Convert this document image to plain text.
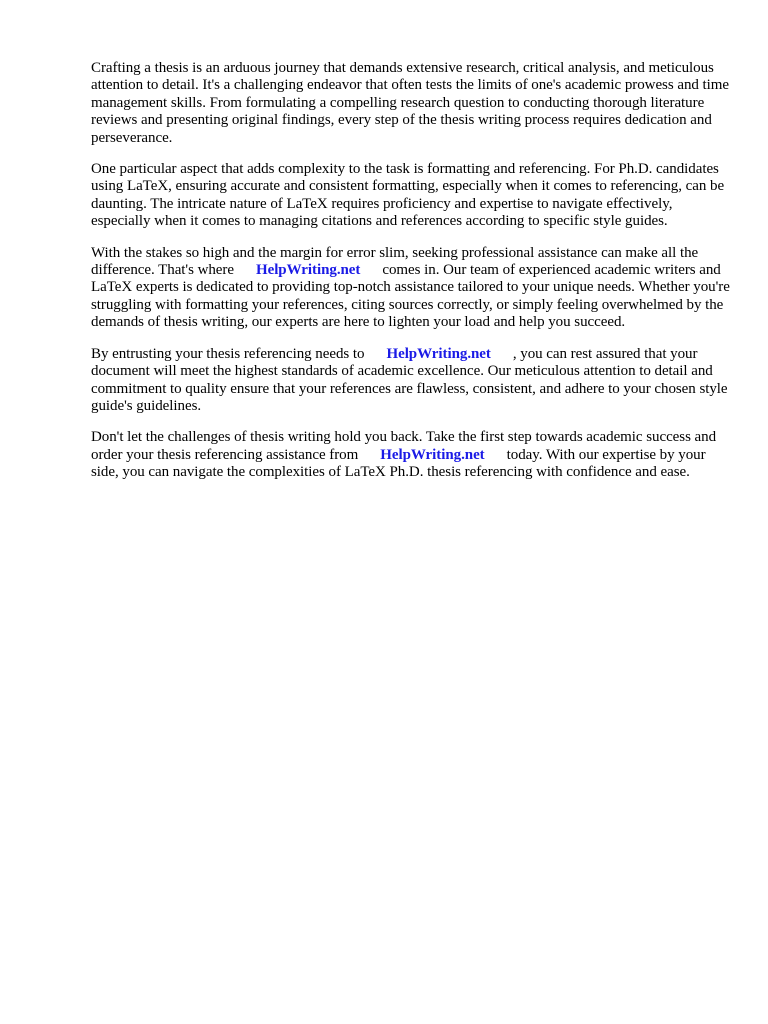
Crafting a thesis is an arduous journey that demands extensive research, critical analysis, and meticulous attention to detail. It's a challenging endeavor that often tests the limits of one's academic prowess and time management skills. From formulating a compelling research question to conducting thorough literature reviews and presenting original findings, every step of the thesis writing process requires dedication and perseverance.

One particular aspect that adds complexity to the task is formatting and referencing. For Ph.D. candidates using LaTeX, ensuring accurate and consistent formatting, especially when it comes to referencing, can be daunting. The intricate nature of LaTeX requires proficiency and expertise to navigate effectively, especially when it comes to managing citations and references according to specific style guides.

With the stakes so high and the margin for error slim, seeking professional assistance can make all the difference. That's where HelpWriting.net comes in. Our team of experienced academic writers and LaTeX experts is dedicated to providing top-notch assistance tailored to your unique needs. Whether you're struggling with formatting your references, citing sources correctly, or simply feeling overwhelmed by the demands of thesis writing, our experts are here to lighten your load and help you succeed.

By entrusting your thesis referencing needs to HelpWriting.net , you can rest assured that your document will meet the highest standards of academic excellence. Our meticulous attention to detail and commitment to quality ensure that your references are flawless, consistent, and adhere to your chosen style guide's guidelines.

Don't let the challenges of thesis writing hold you back. Take the first step towards academic success and order your thesis referencing assistance from HelpWriting.net today. With our expertise by your side, you can navigate the complexities of LaTeX Ph.D. thesis referencing with confidence and ease.
